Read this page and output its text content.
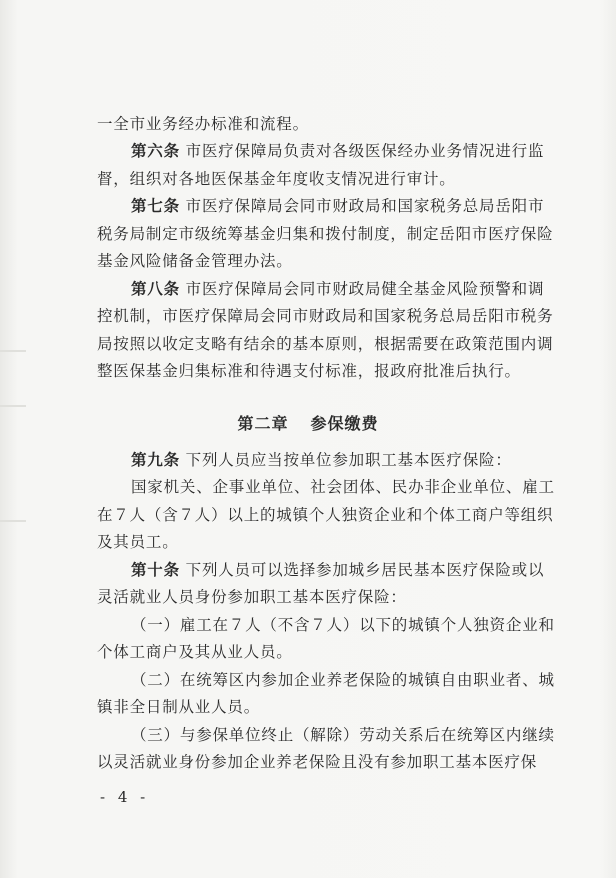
一全市业务经办标准和流程。
第六条 市医疗保障局负责对各级医保经办业务情况进行监
督，组织对各地医保基金年度收支情况进行审计。
第七条 市医疗保障局会同市财政局和国家税务总局岳阳市
税务局制定市级统筹基金归集和拨付制度，制定岳阳市医疗保险
基金风险储备金管理办法。
第八条 市医疗保障局会同市财政局健全基金风险预警和调
控机制，市医疗保障局会同市财政局和国家税务总局岳阳市税务
局按照以收定支略有结余的基本原则，根据需要在政策范围内调
整医保基金归集标准和待遇支付标准，报政府批准后执行。
第二章 参保缴费
第九条 下列人员应当按单位参加职工基本医疗保险：
国家机关、企事业单位、社会团体、民办非企业单位、雇工
在７人（含７人）以上的城镇个人独资企业和个体工商户等组织
及其员工。
第十条 下列人员可以选择参加城乡居民基本医疗保险或以
灵活就业人员身份参加职工基本医疗保险：
（一）雇工在７人（不含７人）以下的城镇个人独资企业和
个体工商户及其从业人员。
（二）在统筹区内参加企业养老保险的城镇自由职业者、城
镇非全日制从业人员。
（三）与参保单位终止（解除）劳动关系后在统筹区内继续
以灵活就业身份参加企业养老保险且没有参加职工基本医疗保
- 4 -
